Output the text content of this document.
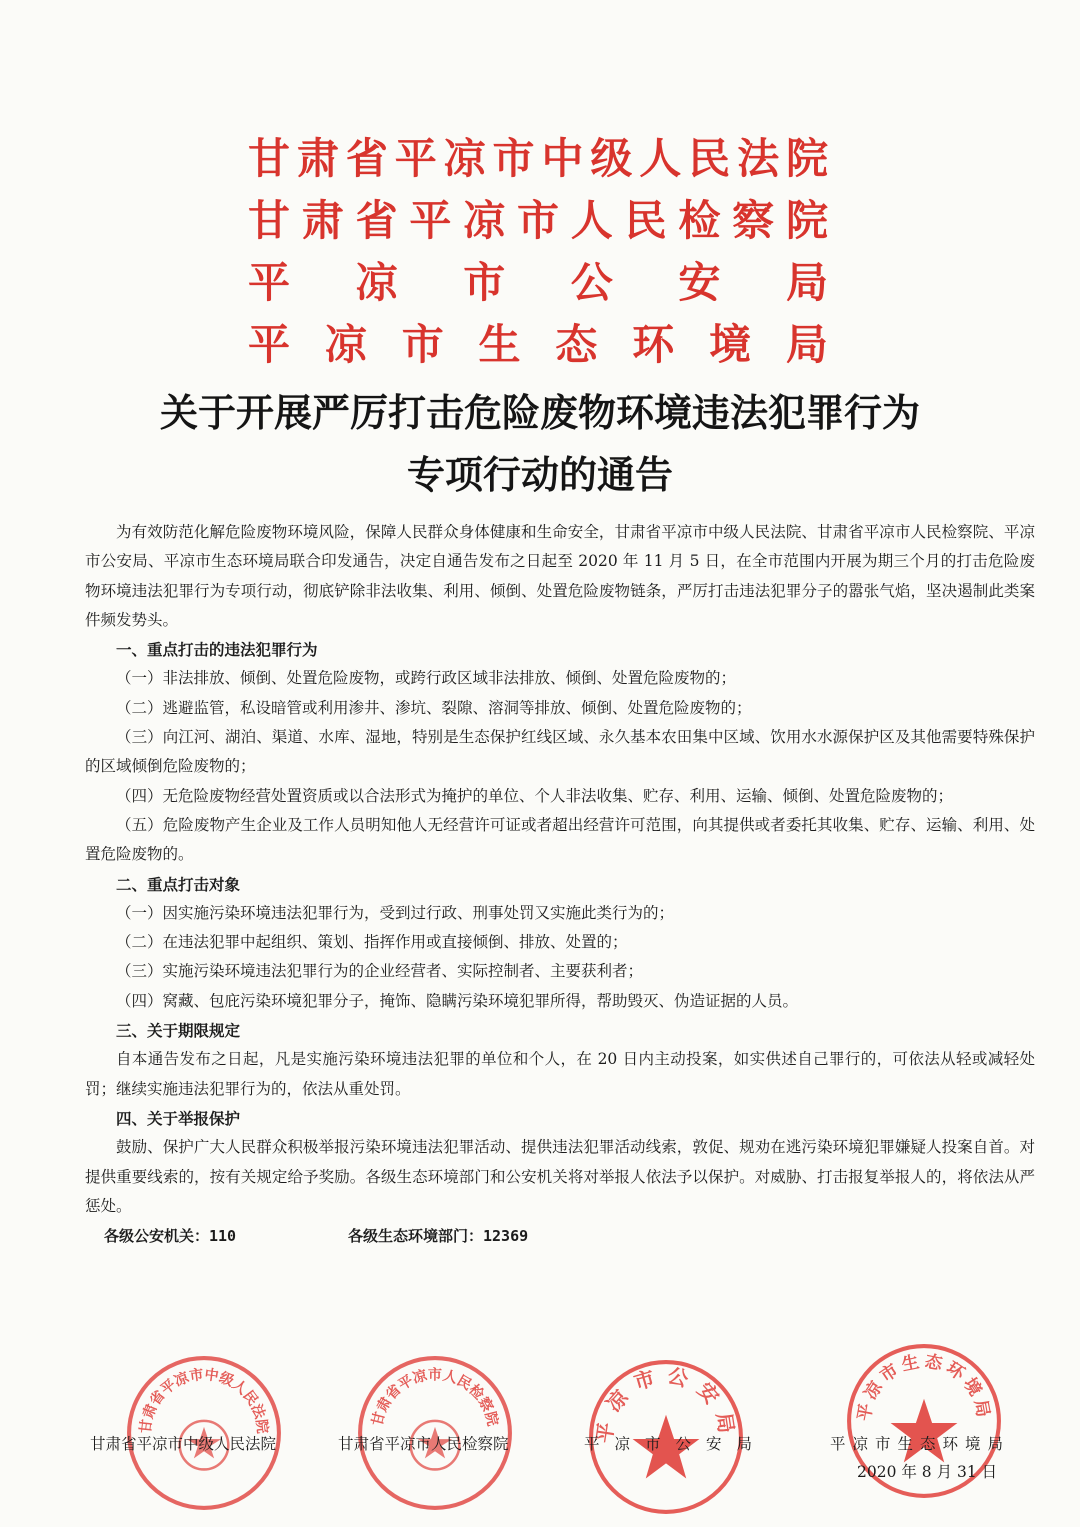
甘 肃 省 平 凉 市 中 级 人 民 法 院
甘 肃 省 平 凉 市 人 民 检 察 院
平 凉 市 公 安 局
平 凉 市 生 态 环 境 局
关于开展严厉打击危险废物环境违法犯罪行为
专项行动的通告

为有效防范化解危险废物环境风险，保障人民群众身体健康和生命安全，甘肃省平凉市中级人民法院、甘肃省平凉市人民检察院、平凉市公安局、平凉市生态环境局联合印发通告，决定自通告发布之日起至 2020 年 11 月 5 日，在全市范围内开展为期三个月的打击危险废物环境违法犯罪行为专项行动，彻底铲除非法收集、利用、倾倒、处置危险废物链条，严厉打击违法犯罪分子的嚣张气焰，坚决遏制此类案件频发势头。

一、重点打击的违法犯罪行为

（一）非法排放、倾倒、处置危险废物，或跨行政区域非法排放、倾倒、处置危险废物的；

（二）逃避监管，私设暗管或利用渗井、渗坑、裂隙、溶洞等排放、倾倒、处置危险废物的；

（三）向江河、湖泊、渠道、水库、湿地，特别是生态保护红线区域、永久基本农田集中区域、饮用水水源保护区及其他需要特殊保护的区域倾倒危险废物的；

（四）无危险废物经营处置资质或以合法形式为掩护的单位、个人非法收集、贮存、利用、运输、倾倒、处置危险废物的；

（五）危险废物产生企业及工作人员明知他人无经营许可证或者超出经营许可范围，向其提供或者委托其收集、贮存、运输、利用、处置危险废物的。

二、重点打击对象

（一）因实施污染环境违法犯罪行为，受到过行政、刑事处罚又实施此类行为的；

（二）在违法犯罪中起组织、策划、指挥作用或直接倾倒、排放、处置的；

（三）实施污染环境违法犯罪行为的企业经营者、实际控制者、主要获利者；

（四）窝藏、包庇污染环境犯罪分子，掩饰、隐瞒污染环境犯罪所得，帮助毁灭、伪造证据的人员。

三、关于期限规定

自本通告发布之日起，凡是实施污染环境违法犯罪的单位和个人，在 20 日内主动投案，如实供述自己罪行的，可依法从轻或减轻处罚；继续实施违法犯罪行为的，依法从重处罚。

四、关于举报保护

鼓励、保护广大人民群众积极举报污染环境违法犯罪活动、提供违法犯罪活动线索，敦促、规劝在逃污染环境犯罪嫌疑人投案自首。对提供重要线索的，按有关规定给予奖励。各级生态环境部门和公安机关将对举报人依法予以保护。对威胁、打击报复举报人的，将依法从严惩处。

各级公安机关：110	各级生态环境部门：12369
甘肃省平凉市中级人民法院	甘肃省平凉市人民检察院	平凉市公安局
平凉市生态环境局
甘肃省平凉市中级人民法院	甘肃省平凉市人民检察院	平凉市公安局	平凉市生态环境局
2020 年 8 月 31 日
